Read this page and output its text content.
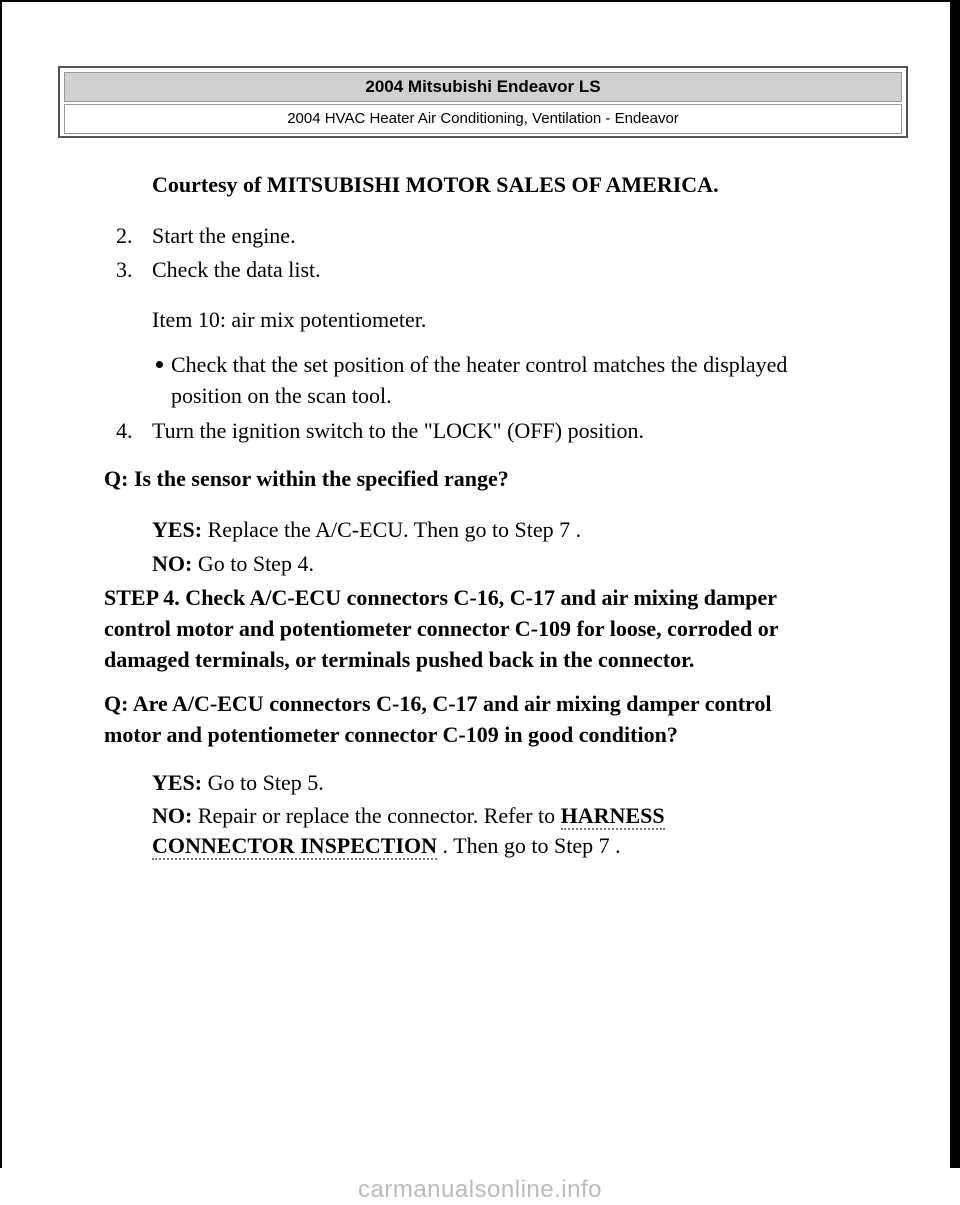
2004 Mitsubishi Endeavor LS
2004 HVAC Heater Air Conditioning, Ventilation - Endeavor
Courtesy of MITSUBISHI MOTOR SALES OF AMERICA.
2. Start the engine.
3. Check the data list.
Item 10: air mix potentiometer.
Check that the set position of the heater control matches the displayed
position on the scan tool.
4. Turn the ignition switch to the "LOCK" (OFF) position.
Q: Is the sensor within the specified range?
YES: Replace the A/C-ECU. Then go to Step 7 .
NO: Go to Step 4.
STEP 4. Check A/C-ECU connectors C-16, C-17 and air mixing damper
control motor and potentiometer connector C-109 for loose, corroded or
damaged terminals, or terminals pushed back in the connector.
Q: Are A/C-ECU connectors C-16, C-17 and air mixing damper control
motor and potentiometer connector C-109 in good condition?
YES: Go to Step 5.
NO: Repair or replace the connector. Refer to HARNESS
CONNECTOR INSPECTION . Then go to Step 7 .
carmanualsonline.info
